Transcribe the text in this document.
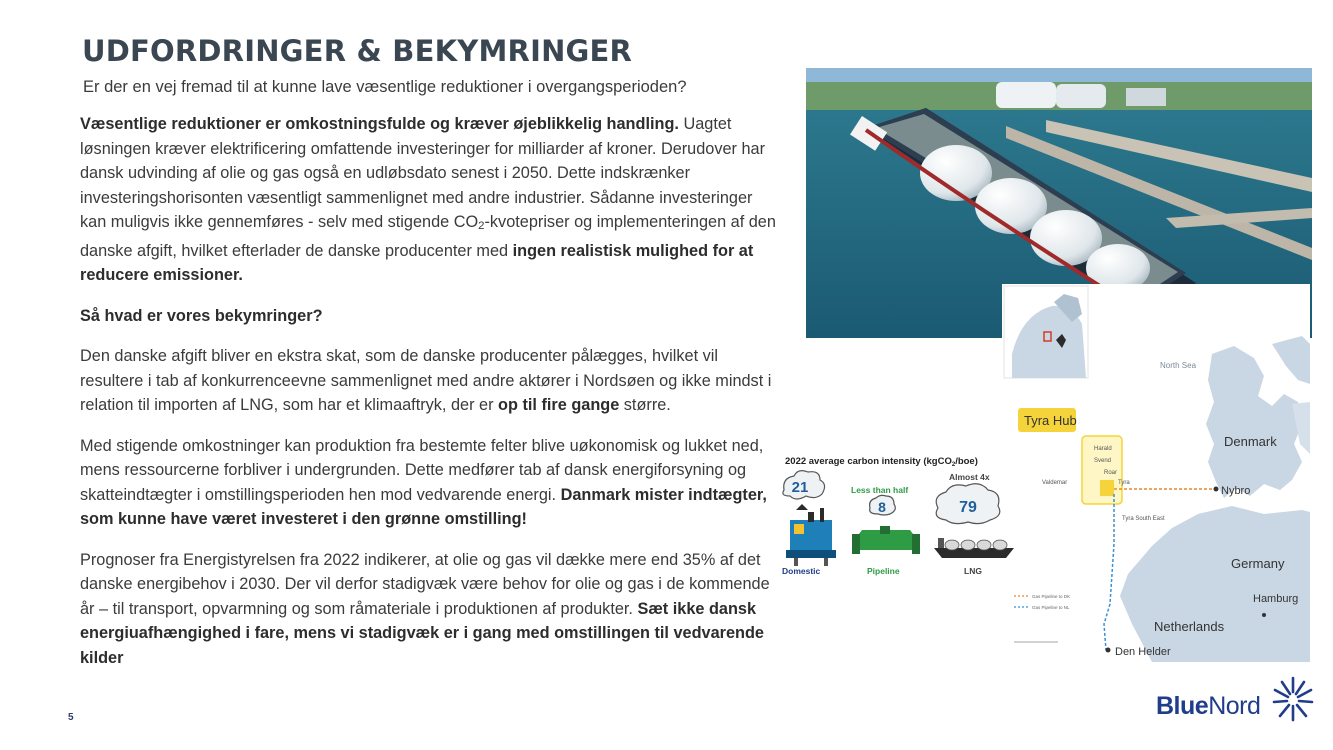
UDFORDRINGER & BEKYMRINGER
Er der en vej fremad til at kunne lave væsentlige reduktioner i overgangsperioden?

Væsentlige reduktioner er omkostningsfulde og kræver øjeblikkelig handling. Uagtet løsningen kræver elektrificering omfattende investeringer for milliarder af kroner. Derudover har dansk udvinding af olie og gas også en udløbsdato senest i 2050. Dette indskrænker investeringshorisonten væsentligt sammenlignet med andre industrier. Sådanne investeringer kan muligvis ikke gennemføres - selv med stigende $CO_2$-kvotepriser og implementeringen af den danske afgift, hvilket efterlader de danske producenter med ingen realistisk mulighed for at reducere emissioner.

Så hvad er vores bekymringer?

Den danske afgift bliver en ekstra skat, som de danske producenter pålægges, hvilket vil resultere i tab af konkurrenceevne sammenlignet med andre aktører i Nordsøen og ikke mindst i relation til importen af LNG, som har et klimaaftryk, der er op til fire gange større.

Med stigende omkostninger kan produktion fra bestemte felter blive uøkonomisk og lukket ned, mens ressourcerne forbliver i undergrunden. Dette medfører tab af dansk energiforsyning og skatteindtægter i omstillingsperioden hen mod vedvarende energi. Danmark mister indtægter, som kunne have været investeret i den grønne omstilling!

Prognoser fra Energistyrelsen fra 2022 indikerer, at olie og gas vil dække mere end 35% af det danske energibehov i 2030. Der vil derfor stadigvæk være behov for olie og gas i de kommende år – til transport, opvarmning og som råmateriale i produktionen af produkter. Sæt ikke dansk energiuafhængighed i fare, mens vi stadigvæk er i gang med omstillingen til vedvarende kilder

North Sea
Tyra Hub
Harald
Svend
Roar
Valdemar	Tyra
Tyra South East
Nybro
Denmark
Germany
Hamburg
Netherlands
Den Helder
Gas Pipeline to DK
Gas Pipeline to NL
2022 average carbon intensity (kgCO$_2$/boe)
21
Domestic
Less than half
8
Pipeline
Almost 4x
79
LNG
BlueNord
5
